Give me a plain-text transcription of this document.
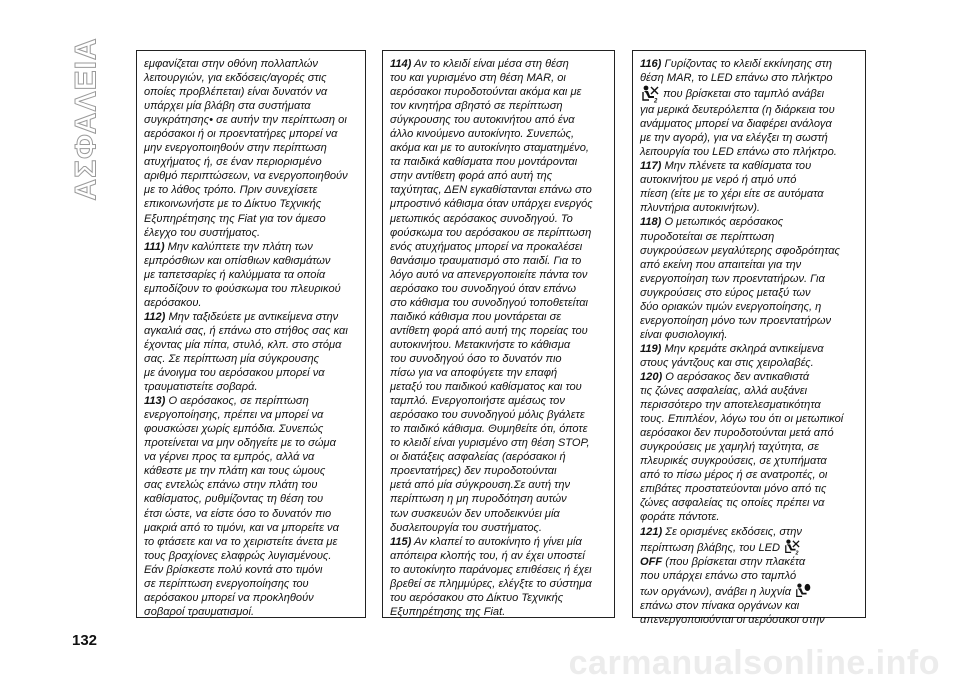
ΑΣΦΑΛΕΙΑ	εμφανίζεται στην οθόνη πολλαπλών
λειτουργιών, για εκδόσεις/αγορές στις
οποίες προβλέπεται) είναι δυνατόν να
υπάρχει μία βλάβη στα συστήματα
συγκράτησης• σε αυτήν την περίπτωση οι
αερόσακοι ή οι προεντατήρες μπορεί να
μην ενεργοποιηθούν στην περίπτωση
ατυχήματος ή, σε έναν περιορισμένο
αριθμό περιπτώσεων, να ενεργοποιηθούν
με το λάθος τρόπο. Πριν συνεχίσετε
επικοινωνήστε με το Δίκτυο Τεχνικής
Εξυπηρέτησης της Fiat για τον άμεσο
έλεγχο του συστήματος.

111) Μην καλύπτετε την πλάτη των
εμπρόσθιων και οπίσθιων καθισμάτων
με ταπετσαρίες ή καλύμματα τα οποία
εμποδίζουν το φούσκωμα του πλευρικού
αερόσακου.

112) Μην ταξιδεύετε με αντικείμενα στην
αγκαλιά σας, ή επάνω στο στήθος σας και
έχοντας μία πίπα, στυλό, κλπ. στο στόμα
σας. Σε περίπτωση μία σύγκρουσης
με άνοιγμα του αερόσακου μπορεί να
τραυματιστείτε σοβαρά.

113) Ο αερόσακος, σε περίπτωση
ενεργοποίησης, πρέπει να μπορεί να
φουσκώσει χωρίς εμπόδια. Συνεπώς
προτείνεται να μην οδηγείτε με το σώμα
να γέρνει προς τα εμπρός, αλλά να
κάθεστε με την πλάτη και τους ώμους
σας εντελώς επάνω στην πλάτη του
καθίσματος, ρυθμίζοντας τη θέση του
έτσι ώστε, να είστε όσο το δυνατόν πιο
μακριά από το τιμόνι, και να μπορείτε να
το φτάσετε και να το χειριστείτε άνετα με
τους βραχίονες ελαφρώς λυγισμένους.
Εάν βρίσκεστε πολύ κοντά στο τιμόνι
σε περίπτωση ενεργοποίησης του
αερόσακου μπορεί να προκληθούν
σοβαροί τραυματισμοί.

114) Αν το κλειδί είναι μέσα στη θέση
του και γυρισμένο στη θέση MAR, οι
αερόσακοι πυροδοτούνται ακόμα και με
τον κινητήρα σβηστό σε περίπτωση
σύγκρουσης του αυτοκινήτου από ένα
άλλο κινούμενο αυτοκίνητο. Συνεπώς,
ακόμα και με το αυτοκίνητο σταματημένο,
τα παιδικά καθίσματα που μοντάρονται
στην αντίθετη φορά από αυτή της
ταχύτητας, ΔΕΝ εγκαθίστανται επάνω στο
μπροστινό κάθισμα όταν υπάρχει ενεργός
μετωπικός αερόσακος συνοδηγού. Το
φούσκωμα του αερόσακου σε περίπτωση
ενός ατυχήματος μπορεί να προκαλέσει
θανάσιμο τραυματισμό στο παιδί. Για το
λόγο αυτό να απενεργοποιείτε πάντα τον
αερόσακο του συνοδηγού όταν επάνω
στο κάθισμα του συνοδηγού τοποθετείται
παιδικό κάθισμα που μοντάρεται σε
αντίθετη φορά από αυτή της πορείας του
αυτοκινήτου. Μετακινήστε το κάθισμα
του συνοδηγού όσο το δυνατόν πιο
πίσω για να αποφύγετε την επαφή
μεταξύ του παιδικού καθίσματος και του
ταμπλό. Ενεργοποιήστε αμέσως τον
αερόσακο του συνοδηγού μόλις βγάλετε
το παιδικό κάθισμα. Θυμηθείτε ότι, όποτε
το κλειδί είναι γυρισμένο στη θέση STOP,
οι διατάξεις ασφαλείας (αερόσακοι ή
προεντατήρες) δεν πυροδοτούνται
μετά από μία σύγκρουση.Σε αυτή την
περίπτωση η μη πυροδότηση αυτών
των συσκευών δεν υποδεικνύει μία
δυσλειτουργία του συστήματος.

115) Αν κλαπεί το αυτοκίνητο ή γίνει μία
απόπειρα κλοπής του, ή αν έχει υποστεί
το αυτοκίνητο παράνομες επιθέσεις ή έχει
βρεθεί σε πλημμύρες, ελέγξτε το σύστημα
του αερόσακου στο Δίκτυο Τεχνικής
Εξυπηρέτησης της Fiat.

116) Γυρίζοντας το κλειδί εκκίνησης στη
θέση MAR, το LED επάνω στο πλήκτρο

2
που βρίσκεται στο ταμπλό ανάβει
για μερικά δευτερόλεπτα (η διάρκεια του
ανάμματος μπορεί να διαφέρει ανάλογα
με την αγορά), για να ελέγξει τη σωστή
λειτουργία του LED επάνω στο πλήκτρο.

117) Μην πλένετε τα καθίσματα του
αυτοκινήτου με νερό ή ατμό υπό
πίεση (είτε με το χέρι είτε σε αυτόματα
πλυντήρια αυτοκινήτων).

118) Ο μετωπικός αερόσακος
πυροδοτείται σε περίπτωση
συγκρούσεων μεγαλύτερης σφοδρότητας
από εκείνη που απαιτείται για την
ενεργοποίηση των προεντατήρων. Για
συγκρούσεις στο εύρος μεταξύ των
δύο οριακών τιμών ενεργοποίησης, η
ενεργοποίηση μόνο των προεντατήρων
είναι φυσιολογική.

119) Μην κρεμάτε σκληρά αντικείμενα
στους γάντζους και στις χειρολαβές.

120) Ο αερόσακος δεν αντικαθιστά
τις ζώνες ασφαλείας, αλλά αυξάνει
περισσότερο την αποτελεσματικότητα
τους. Επιπλέον, λόγω του ότι οι μετωπικοί
αερόσακοι δεν πυροδοτούνται μετά από
συγκρούσεις με χαμηλή ταχύτητα, σε
πλευρικές συγκρούσεις, σε χτυπήματα
από το πίσω μέρος ή σε ανατροπές, οι
επιβάτες προστατεύονται μόνο από τις
ζώνες ασφαλείας τις οποίες πρέπει να
φοράτε πάντοτε.

121) Σε ορισμένες εκδόσεις, στην
περίπτωση βλάβης, του LED 2

OFF (που βρίσκεται στην πλακέτα
που υπάρχει επάνω στο ταμπλό
των οργάνων), ανάβει η λυχνία
επάνω στον πίνακα οργάνων και
απενεργοποιούνται οι αερόσακοι στην

132
carmanualsonline.info
